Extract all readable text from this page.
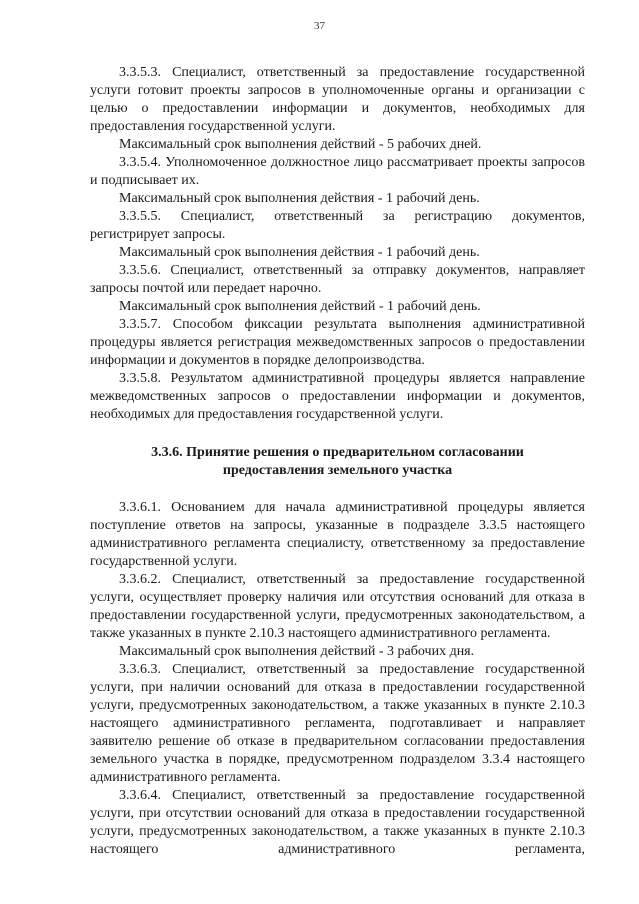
37

3.3.5.3. Специалист, ответственный за предоставление государственной услуги готовит проекты запросов в уполномоченные органы и организации с целью о предоставлении информации и документов, необходимых для предоставления государственной услуги.

Максимальный срок выполнения действий - 5 рабочих дней.

3.3.5.4. Уполномоченное должностное лицо рассматривает проекты запросов и подписывает их.

Максимальный срок выполнения действия - 1 рабочий день.

3.3.5.5. Специалист, ответственный за регистрацию документов, регистрирует запросы.

Максимальный срок выполнения действия - 1 рабочий день.

3.3.5.6. Специалист, ответственный за отправку документов, направляет запросы почтой или передает нарочно.

Максимальный срок выполнения действий - 1 рабочий день.

3.3.5.7. Способом фиксации результата выполнения административной процедуры является регистрация межведомственных запросов о предоставлении информации и документов в порядке делопроизводства.

3.3.5.8. Результатом административной процедуры является направление межведомственных запросов о предоставлении информации и документов, необходимых для предоставления государственной услуги.

3.3.6. Принятие решения о предварительном согласовании
предоставления земельного участка

3.3.6.1. Основанием для начала административной процедуры является поступление ответов на запросы, указанные в подразделе 3.3.5 настоящего административного регламента специалисту, ответственному за предоставление государственной услуги.

3.3.6.2. Специалист, ответственный за предоставление государственной услуги, осуществляет проверку наличия или отсутствия оснований для отказа в предоставлении государственной услуги, предусмотренных законодательством, а также указанных в пункте 2.10.3 настоящего административного регламента.

Максимальный срок выполнения действий - 3 рабочих дня.

3.3.6.3. Специалист, ответственный за предоставление государственной услуги, при наличии оснований для отказа в предоставлении государственной услуги, предусмотренных законодательством, а также указанных в пункте 2.10.3 настоящего административного регламента, подготавливает и направляет заявителю решение об отказе в предварительном согласовании предоставления земельного участка в порядке, предусмотренном подразделом 3.3.4 настоящего административного регламента.

3.3.6.4. Специалист, ответственный за предоставление государственной услуги, при отсутствии оснований для отказа в предоставлении государственной услуги, предусмотренных законодательством, а также указанных в пункте 2.10.3 настоящего административного регламента,
